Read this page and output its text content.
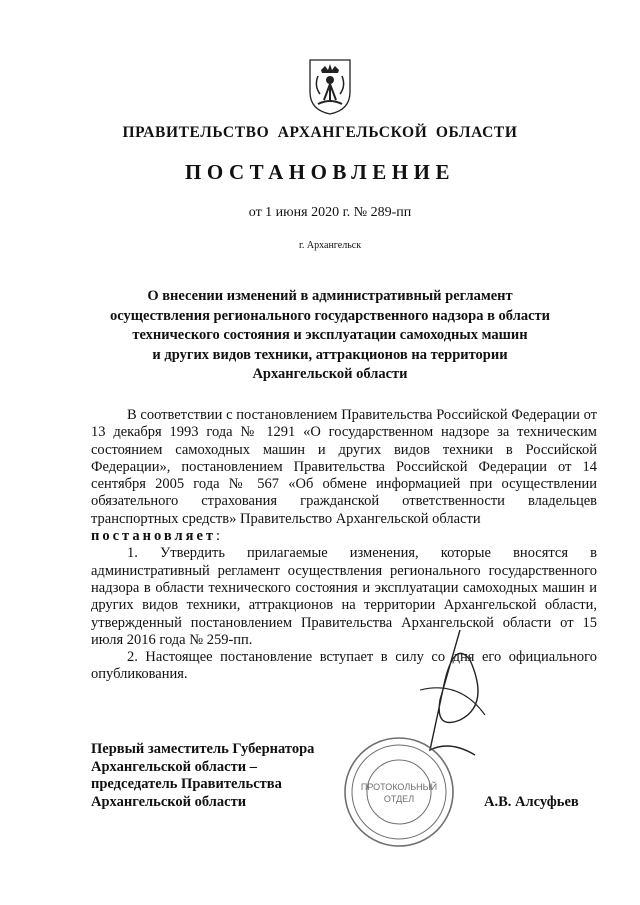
ПРАВИТЕЛЬСТВО АРХАНГЕЛЬСКОЙ ОБЛАСТИ
ПОСТАНОВЛЕНИЕ
от 1 июня 2020 г. № 289-пп
г. Архангельск
О внесении изменений в административный регламент
осуществления регионального государственного надзора в области
технического состояния и эксплуатации самоходных машин
и других видов техники, аттракционов на территории
Архангельской области

В соответствии с постановлением Правительства Российской Федерации от 13 декабря 1993 года № 1291 «О государственном надзоре за техническим состоянием самоходных машин и других видов техники в Российской Федерации», постановлением Правительства Российской Федерации от 14 сентября 2005 года № 567 «Об обмене информацией при осуществлении обязательного страхования гражданской ответственности владельцев транспортных средств» Правительство Архангельской области

постановляет:

1. Утвердить прилагаемые изменения, которые вносятся в административный регламент осуществления регионального государственного надзора в области технического состояния и эксплуатации самоходных машин и других видов техники, аттракционов на территории Архангельской области, утвержденный постановлением Правительства Архангельской области от 15 июля 2016 года № 259-пп.

2. Настоящее постановление вступает в силу со дня его официального опубликования.

ПРОТОКОЛЬНЫЙ
ОТДЕЛ
Первый заместитель Губернатора
Архангельской области –
председатель Правительства
Архангельской области	А.В. Алсуфьев
